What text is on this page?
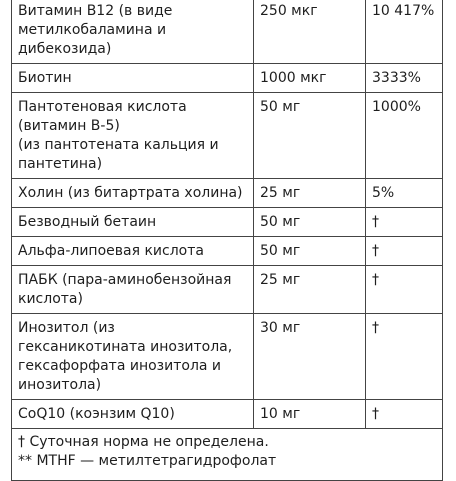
Витамин В12 (в виде
метилкобаламина и
дибекозида)	250 мкг	10 417%
Биотин	1000 мкг	3333%
Пантотеновая кислота
(витамин В-5)
(из пантотената кальция и
пантетина)	50 мг	1000%
Холин (из битартрата холина)	25 мг	5%
Безводный бетаин	50 мг	†
Альфа-липоевая кислота	50 мг	†
ПАБК (пара-аминобензойная
кислота)	25 мг	†
Инозитол (из
гексаникотината инозитола,
гексафорфата инозитола и
инозитола)	30 мг	†
CoQ10 (коэнзим Q10)	10 мг	†

† Суточная норма не определена.
** MTHF — метилтетрагидрофолат		
